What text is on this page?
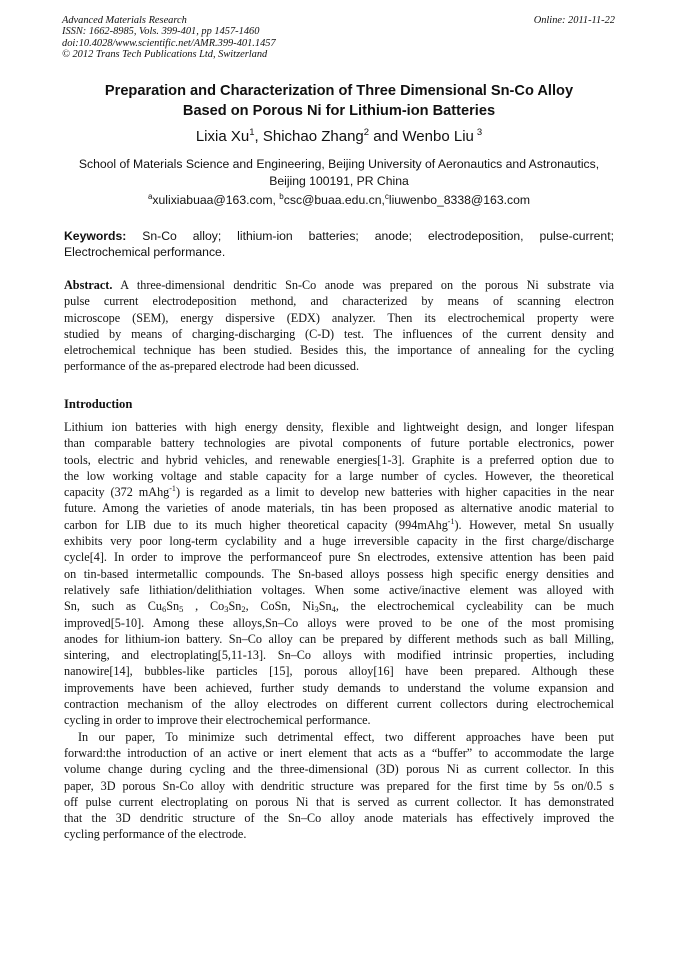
Advanced Materials Research
ISSN: 1662-8985, Vols. 399-401, pp 1457-1460
doi:10.4028/www.scientific.net/AMR.399-401.1457
© 2012 Trans Tech Publications Ltd, Switzerland
Online: 2011-11-22
Preparation and Characterization of Three Dimensional Sn-Co Alloy
Based on Porous Ni for Lithium-ion Batteries
Lixia Xu$^1$, Shichao Zhang$^2$ and Wenbo Liu $^3$
School of Materials Science and Engineering, Beijing University of Aeronautics and Astronautics,
Beijing 100191, PR China
$^a$xulixiabuaa@163.com, $^b$csc@buaa.edu.cn,$^c$liuwenbo_8338@163.com
Keywords: Sn-Co alloy; lithium-ion batteries; anode; electrodeposition, pulse-current;
Electrochemical performance.
Abstract. A three-dimensional dendritic Sn-Co anode was prepared on the porous Ni substrate via
pulse current electrodeposition methond, and characterized by means of scanning electron
microscope (SEM), energy dispersive (EDX) analyzer. Then its electrochemical property were
studied by means of charging-discharging (C-D) test. The influences of the current density and
eletrochemical technique has been studied. Besides this, the importance of annealing for the cycling
performance of the as-prepared electrode had been dicussed.
Introduction
Lithium ion batteries with high energy density, flexible and lightweight design, and longer lifespan
than comparable battery technologies are pivotal components of future portable electronics, power
tools, electric and hybrid vehicles, and renewable energies[1-3]. Graphite is a preferred option due to
the low working voltage and stable capacity for a large number of cycles. However, the theoretical
capacity (372 mAhg$^{-1}$) is regarded as a limit to develop new batteries with higher capacities in the near
future. Among the varieties of anode materials, tin has been proposed as alternative anodic material to
carbon for LIB due to its much higher theoretical capacity (994mAhg$^{-1}$). However, metal Sn usually
exhibits very poor long-term cyclability and a huge irreversible capacity in the first charge/discharge
cycle[4]. In order to improve the performanceof pure Sn electrodes, extensive attention has been paid
on tin-based intermetallic compounds. The Sn-based alloys possess high specific energy densities and
relatively safe lithiation/delithiation voltages. When some active/inactive element was alloyed with
Sn, such as $Cu_6Sn_5$ , $Co_3Sn_2$, CoSn, $Ni_3Sn_4$, the electrochemical cycleability can be much
improved[5-10]. Among these alloys,Sn–Co alloys were proved to be one of the most promising
anodes for lithium-ion battery. Sn–Co alloy can be prepared by different methods such as ball Milling,
sintering, and electroplating[5,11-13]. Sn–Co alloys with modified intrinsic properties, including
nanowire[14], bubbles-like particles [15], porous alloy[16] have been prepared. Although these
improvements have been achieved, further study demands to understand the volume expansion and
contraction mechanism of the alloy electrodes on different current collectors during electrochemical
cycling in order to improve their electrochemical performance.
In our paper, To minimize such detrimental effect, two different approaches have been put
forward:the introduction of an active or inert element that acts as a “buffer” to accommodate the large
volume change during cycling and the three-dimensional (3D) porous Ni as current collector. In this
paper, 3D porous Sn-Co alloy with dendritic structure was prepared for the first time by 5s on/0.5 s
off pulse current electroplating on porous Ni that is served as current collector. It has demonstrated
that the 3D dendritic structure of the Sn–Co alloy anode materials has effectively improved the
cycling performance of the electrode.
